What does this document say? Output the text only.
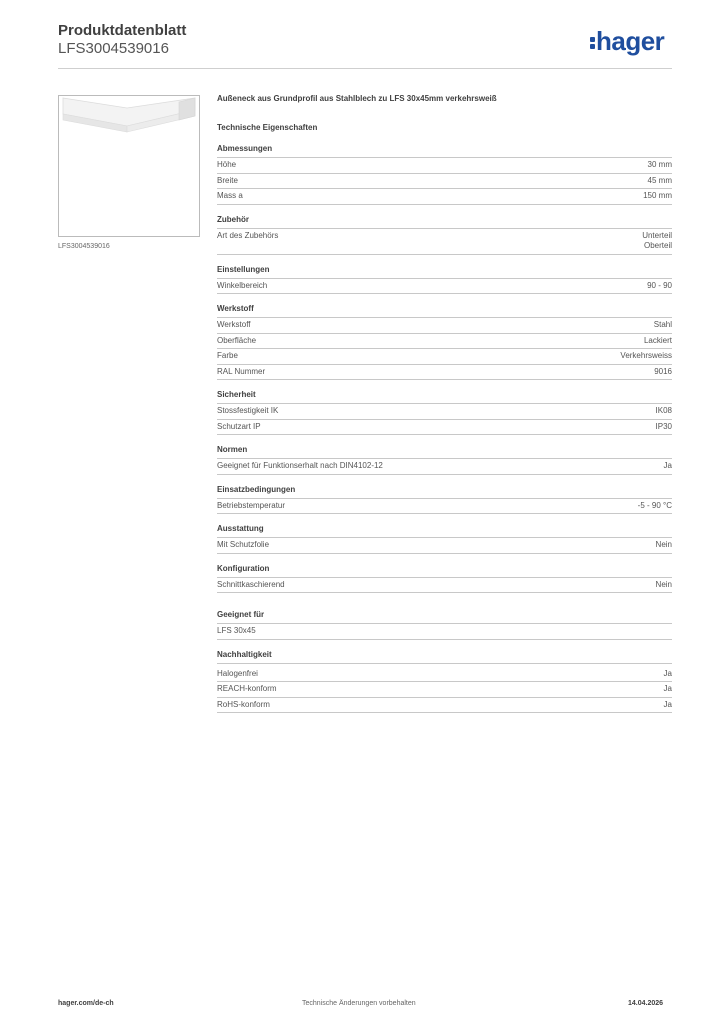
Produktdatenblatt
LFS3004539016	hager
LFS3004539016
Außeneck aus Grundprofil aus Stahlblech zu LFS 30x45mm verkehrsweiß
Technische Eigenschaften
Abmessungen
Höhe	30 mm
Breite	45 mm
Mass a	150 mm
Zubehör
Art des Zubehörs	Unterteil
Oberteil
Einstellungen
Winkelbereich	90 - 90
Werkstoff
Werkstoff	Stahl
Oberfläche	Lackiert
Farbe	Verkehrsweiss
RAL Nummer	9016
Sicherheit
Stossfestigkeit IK	IK08
Schutzart IP	IP30
Normen
Geeignet für Funktionserhalt nach DIN4102-12	Ja
Einsatzbedingungen
Betriebstemperatur	-5 - 90 °C
Ausstattung
Mit Schutzfolie	Nein
Konfiguration
Schnittkaschierend	Nein
Geeignet für
LFS 30x45
Nachhaltigkeit
Halogenfrei	Ja
REACH-konform	Ja
RoHS-konform	Ja
hager.com/de-ch	Technische Änderungen vorbehalten	14.04.2026
